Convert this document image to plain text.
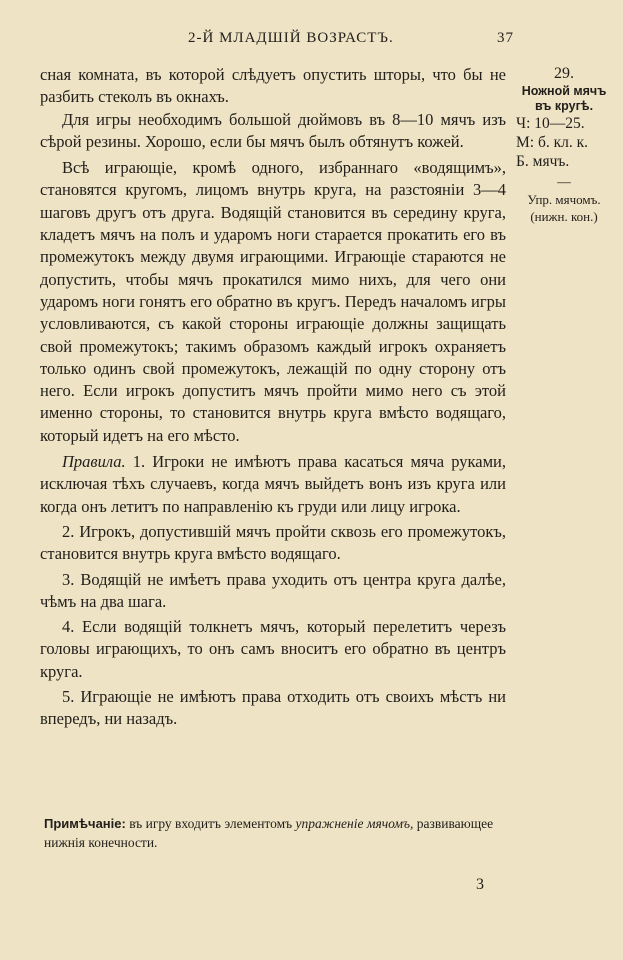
2-Й МЛАДШІЙ ВОЗРАСТЪ.	37

сная комната, въ которой слѣдуетъ опустить шторы, что бы не разбить стеколъ въ окнахъ.

Для игры необходимъ большой дюймовъ въ 8—10 мячъ изъ сѣрой резины. Хорошо, если бы мячъ былъ обтянутъ кожей.

Всѣ играющіе, кромѣ одного, избраннаго «водящимъ», становятся кругомъ, лицомъ внутрь круга, на разстояніи 3—4 шаговъ другъ отъ друга. Водящій становится въ середину круга, кладетъ мячъ на полъ и ударомъ ноги старается прокатить его въ промежутокъ между двумя играющими. Играющіе стараются не допустить, чтобы мячъ прокатился мимо нихъ, для чего они ударомъ ноги гонятъ его обратно въ кругъ. Передъ началомъ игры условливаются, съ какой стороны играющіе должны защищать свой промежутокъ; такимъ образомъ каждый игрокъ охраняетъ только одинъ свой промежутокъ, лежащій по одну сторону отъ него. Если игрокъ допуститъ мячъ пройти мимо него съ этой именно стороны, то становится внутрь круга вмѣсто водящаго, который идетъ на его мѣсто.

Правила. 1. Игроки не имѣютъ права касаться мяча руками, исключая тѣхъ случаевъ, когда мячъ выйдетъ вонъ изъ круга или когда онъ летитъ по направленію къ груди или лицу игрока.

2. Игрокъ, допустившій мячъ пройти сквозь его промежутокъ, становится внутрь круга вмѣсто водящаго.

3. Водящій не имѣетъ права уходить отъ центра круга далѣе, чѣмъ на два шага.

4. Если водящій толкнетъ мячъ, который перелетитъ черезъ головы играющихъ, то онъ самъ вноситъ его обратно въ центръ круга.

5. Играющіе не имѣютъ права отходить отъ своихъ мѣстъ ни впередъ, ни назадъ.

Примѣчаніе: въ игру входитъ элементомъ упражненіе мячомъ, развивающее нижнія конечности.
29.
Ножной мячъ въ кругѣ.
Ч: 10—25.
М: б. кл. к.
Б. мячъ.
—
Упр. мячомъ. (нижн. кон.)
3
